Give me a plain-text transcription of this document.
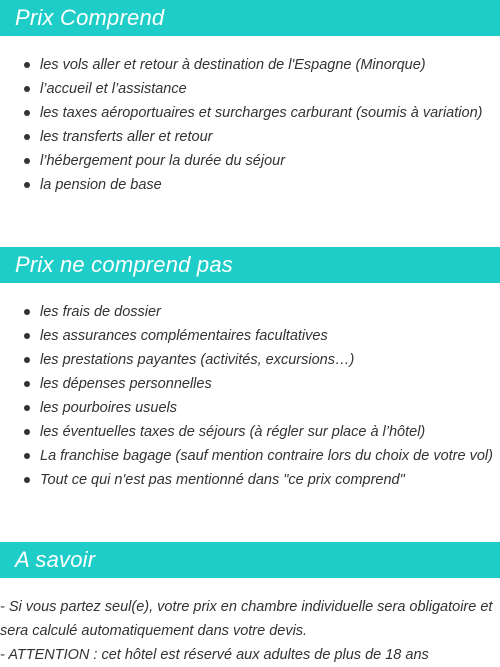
Prix Comprend
les vols aller et retour à destination de l'Espagne (Minorque)
l’accueil et l’assistance
les taxes aéroportuaires et surcharges carburant (soumis à variation)
les transferts aller et retour
l’hébergement pour la durée du séjour
la pension de base
Prix ne comprend pas
les frais de dossier
les assurances complémentaires facultatives
les prestations payantes (activités, excursions…)
les dépenses personnelles
les pourboires usuels
les éventuelles taxes de séjours (à régler sur place à l’hôtel)
La franchise bagage (sauf mention contraire lors du choix de votre vol)
Tout ce qui n'est pas mentionné dans "ce prix comprend"
A savoir

- Si vous partez seul(e), votre prix en chambre individuelle sera obligatoire et sera calculé automatiquement dans votre devis.

- ATTENTION : cet hôtel est réservé aux adultes de plus de 18 ans
